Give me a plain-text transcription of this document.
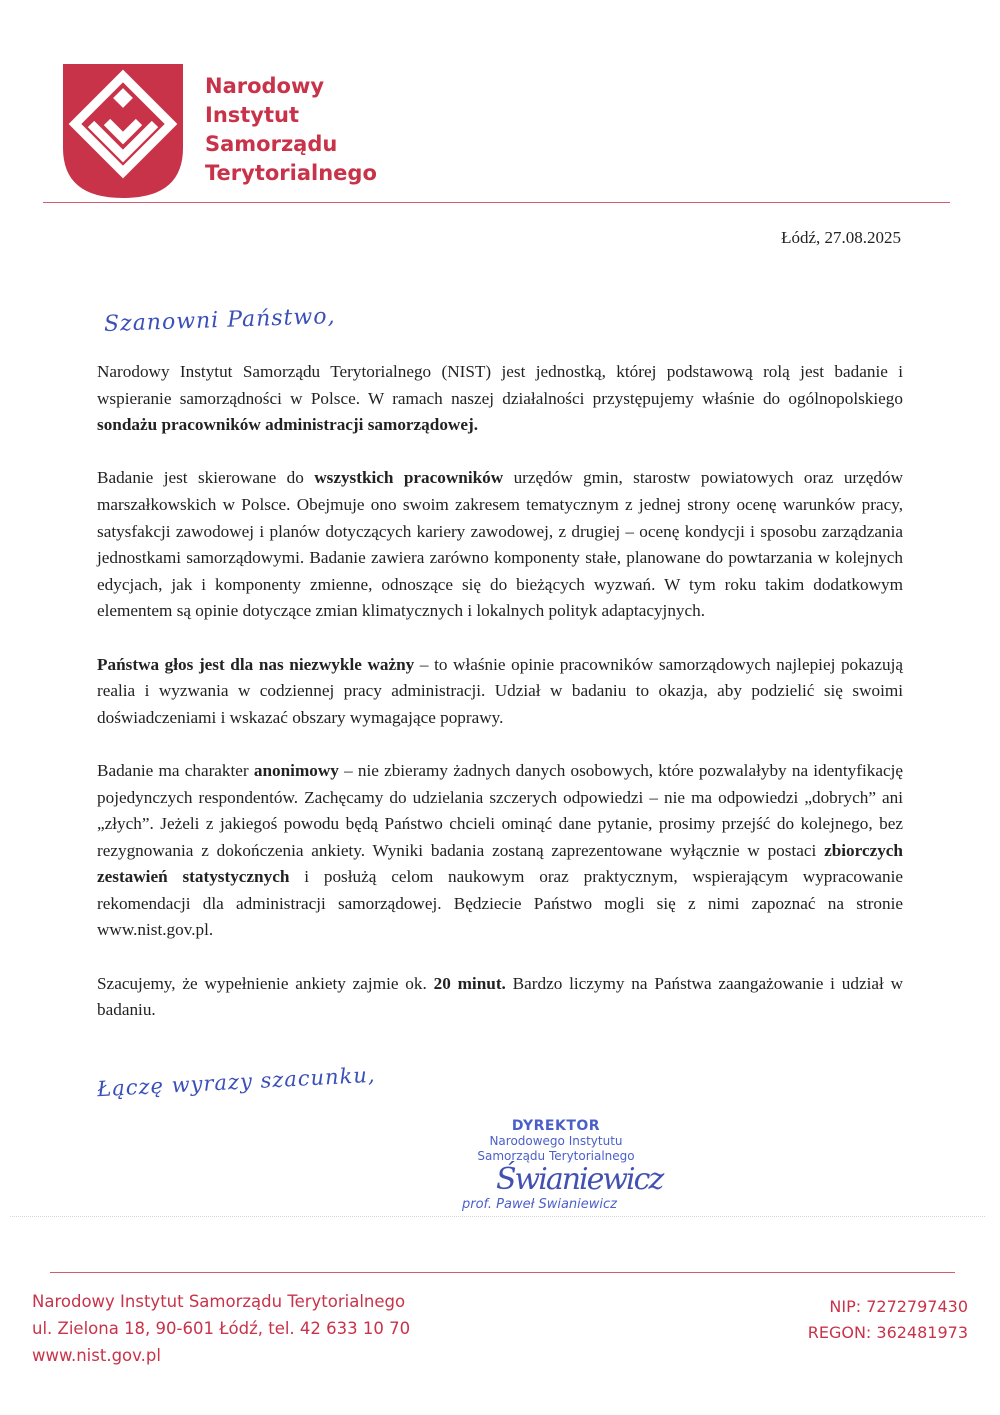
Narodowy
Instytut
Samorządu
Terytorialnego
Łódź, 27.08.2025
Szanowni Państwo,

Narodowy Instytut Samorządu Terytorialnego (NIST) jest jednostką, której podstawową rolą jest badanie i wspieranie samorządności w Polsce. W ramach naszej działalności przystępujemy właśnie do ogólnopolskiego sondażu pracowników administracji samorządowej.

Badanie jest skierowane do wszystkich pracowników urzędów gmin, starostw powiatowych oraz urzędów marszałkowskich w Polsce. Obejmuje ono swoim zakresem tematycznym z jednej strony ocenę warunków pracy, satysfakcji zawodowej i planów dotyczących kariery zawodowej, z drugiej – ocenę kondycji i sposobu zarządzania jednostkami samorządowymi. Badanie zawiera zarówno komponenty stałe, planowane do powtarzania w kolejnych edycjach, jak i komponenty zmienne, odnoszące się do bieżących wyzwań. W tym roku takim dodatkowym elementem są opinie dotyczące zmian klimatycznych i lokalnych polityk adaptacyjnych.

Państwa głos jest dla nas niezwykle ważny – to właśnie opinie pracowników samorządowych najlepiej pokazują realia i wyzwania w codziennej pracy administracji. Udział w badaniu to okazja, aby podzielić się swoimi doświadczeniami i wskazać obszary wymagające poprawy.

Badanie ma charakter anonimowy – nie zbieramy żadnych danych osobowych, które pozwalałyby na identyfikację pojedynczych respondentów. Zachęcamy do udzielania szczerych odpowiedzi – nie ma odpowiedzi „dobrych” ani „złych”. Jeżeli z jakiegoś powodu będą Państwo chcieli ominąć dane pytanie, prosimy przejść do kolejnego, bez rezygnowania z dokończenia ankiety. Wyniki badania zostaną zaprezentowane wyłącznie w postaci zbiorczych zestawień statystycznych i posłużą celom naukowym oraz praktycznym, wspierającym wypracowanie rekomendacji dla administracji samorządowej. Będziecie Państwo mogli się z nimi zapoznać na stronie www.nist.gov.pl.

Szacujemy, że wypełnienie ankiety zajmie ok. 20 minut. Bardzo liczymy na Państwa zaangażowanie i udział w badaniu.

Łączę wyrazy szacunku,
DYREKTOR
Narodowego Instytutu
Samorządu Terytorialnego
Świaniewicz
prof. Paweł Swianiewicz
Narodowy Instytut Samorządu Terytorialnego
ul. Zielona 18, 90-601 Łódź, tel. 42 633 10 70
www.nist.gov.pl
NIP: 7272797430
REGON: 362481973
